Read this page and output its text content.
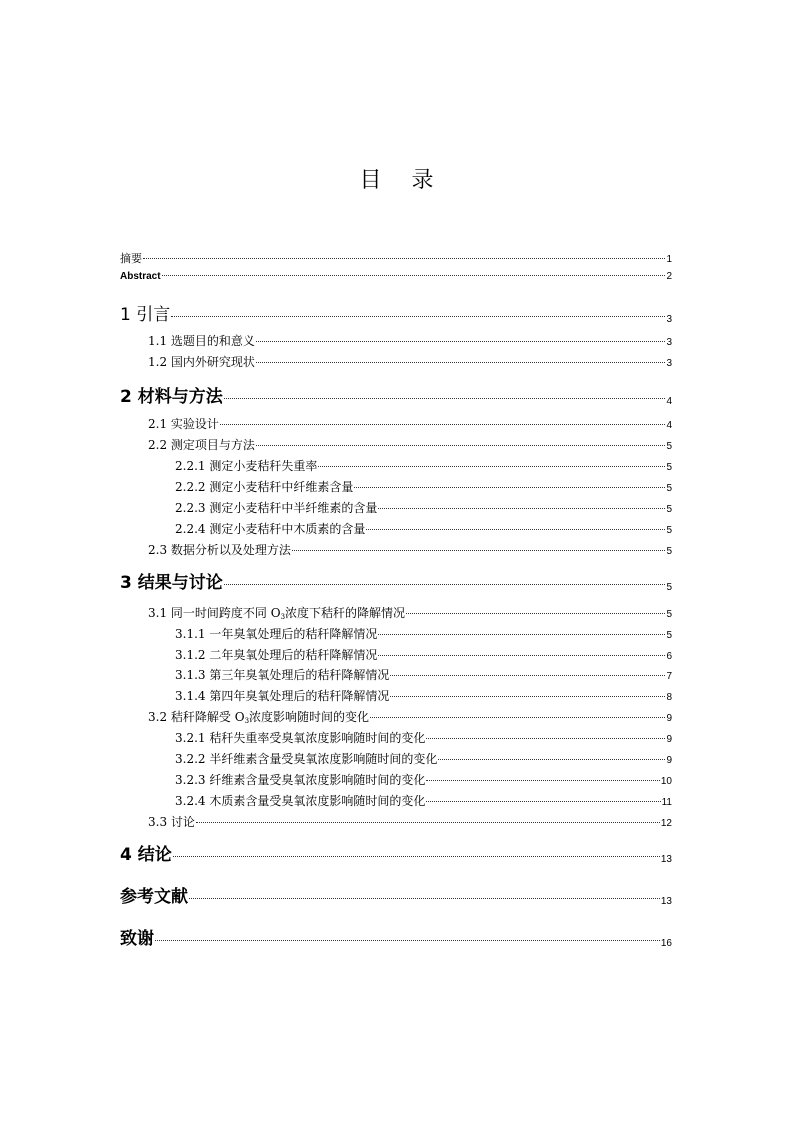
目 录
摘要	1
Abstract	2
1 引言	3
1.1 选题目的和意义	3
1.2 国内外研究现状	3
2 材料与方法	4
2.1 实验设计	4
2.2 测定项目与方法	5
2.2.1 测定小麦秸秆失重率	5
2.2.2 测定小麦秸秆中纤维素含量	5
2.2.3 测定小麦秸秆中半纤维素的含量	5
2.2.4 测定小麦秸秆中木质素的含量	5
2.3 数据分析以及处理方法	5
3 结果与讨论	5
3.1 同一时间跨度不同 $O_3$浓度下秸秆的降解情况	5
3.1.1 一年臭氧处理后的秸秆降解情况	5
3.1.2 二年臭氧处理后的秸秆降解情况	6
3.1.3 第三年臭氧处理后的秸秆降解情况	7
3.1.4 第四年臭氧处理后的秸秆降解情况	8
3.2 秸秆降解受 $O_3$浓度影响随时间的变化	9
3.2.1 秸秆失重率受臭氧浓度影响随时间的变化	9
3.2.2 半纤维素含量受臭氧浓度影响随时间的变化	9
3.2.3 纤维素含量受臭氧浓度影响随时间的变化	10
3.2.4 木质素含量受臭氧浓度影响随时间的变化	11
3.3 讨论	12
4 结论	13
参考文献	13
致谢	16
